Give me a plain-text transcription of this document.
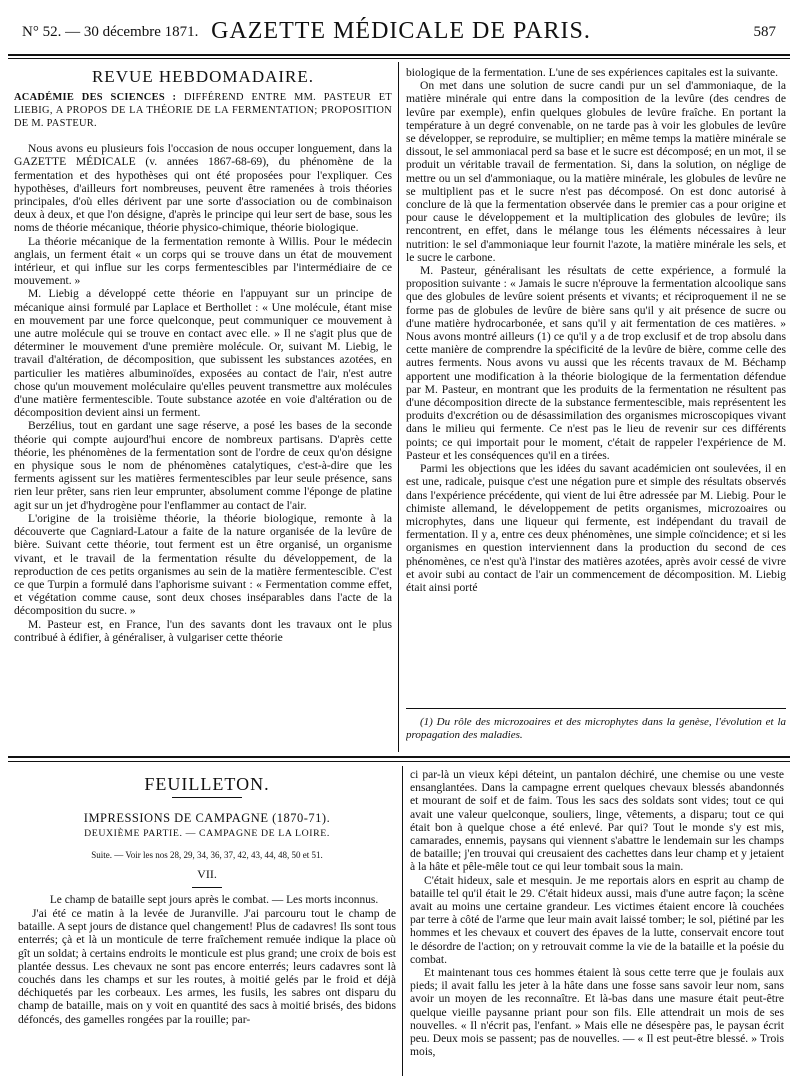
N° 52. — 30 décembre 1871. GAZETTE MÉDICALE DE PARIS.	587
REVUE HEBDOMADAIRE.
ACADÉMIE DES SCIENCES : DIFFÉREND ENTRE MM. PASTEUR ET LIEBIG, A PROPOS DE LA THÉORIE DE LA FERMENTATION; PROPOSITION DE M. PASTEUR.

Nous avons eu plusieurs fois l'occasion de nous occuper longuement, dans la GAZETTE MÉDICALE (v. années 1867-68-69), du phénomène de la fermentation et des hypothèses qui ont été proposées pour l'expliquer. Ces hypothèses, d'ailleurs fort nombreuses, peuvent être ramenées à trois théories principales, d'où elles dérivent par une sorte d'association ou de combinaison deux à deux, et que l'on désigne, d'après le principe qui leur sert de base, sous les noms de théorie mécanique, théorie physico-chimique, théorie biologique.

La théorie mécanique de la fermentation remonte à Willis. Pour le médecin anglais, un ferment était « un corps qui se trouve dans un état de mouvement intérieur, et qui influe sur les corps fermentescibles par l'intermédiaire de ce mouvement. »

M. Liebig a développé cette théorie en l'appuyant sur un principe de mécanique ainsi formulé par Laplace et Berthollet : « Une molécule, étant mise en mouvement par une force quelconque, peut communiquer ce mouvement à une autre molécule qui se trouve en contact avec elle. » Il ne s'agit plus que de déterminer le mouvement d'une première molécule. Or, suivant M. Liebig, le travail d'altération, de décomposition, que subissent les substances azotées, en particulier les matières albuminoïdes, exposées au contact de l'air, n'est autre chose qu'un mouvement moléculaire qu'elles peuvent transmettre aux molécules d'une matière fermentescible. Toute substance azotée en voie d'altération ou de décomposition devient ainsi un ferment.

Berzélius, tout en gardant une sage réserve, a posé les bases de la seconde théorie qui compte aujourd'hui encore de nombreux partisans. D'après cette théorie, les phénomènes de la fermentation sont de l'ordre de ceux qu'on désigne en physique sous le nom de phénomènes catalytiques, c'est-à-dire que les ferments agissent sur les matières fermentescibles par leur seule présence, sans rien leur prêter, sans rien leur emprunter, absolument comme l'éponge de platine agit sur un jet d'hydrogène pour l'enflammer au contact de l'air.

L'origine de la troisième théorie, la théorie biologique, remonte à la découverte que Cagniard-Latour a faite de la nature organisée de la levûre de bière. Suivant cette théorie, tout ferment est un être organisé, un organisme vivant, et le travail de la fermentation résulte du développement, de la reproduction de ces petits organismes au sein de la matière fermentescible. C'est ce que Turpin a formulé dans l'aphorisme suivant : « Fermentation comme effet, et végétation comme cause, sont deux choses inséparables dans l'acte de la décomposition du sucre. »

M. Pasteur est, en France, l'un des savants dont les travaux ont le plus contribué à édifier, à généraliser, à vulgariser cette théorie

biologique de la fermentation. L'une de ses expériences capitales est la suivante.

On met dans une solution de sucre candi pur un sel d'ammoniaque, de la matière minérale qui entre dans la composition de la levûre (des cendres de levûre par exemple), enfin quelques globules de levûre fraîche. En portant la température à un degré convenable, on ne tarde pas à voir les globules de levûre se développer, se reproduire, se multiplier; en même temps la matière minérale se dissout, le sel ammoniacal perd sa base et le sucre est décomposé; en un mot, il se produit un véritable travail de fermentation. Si, dans la solution, on néglige de mettre ou un sel d'ammoniaque, ou la matière minérale, les globules de levûre ne se multiplient pas et le sucre n'est pas décomposé. On est donc autorisé à conclure de là que la fermentation observée dans le premier cas a pour origine et pour cause le développement et la multiplication des globules de levûre; ils rencontrent, en effet, dans le mélange tous les éléments nécessaires à leur nutrition: le sel d'ammoniaque leur fournit l'azote, la matière minérale les sels, et le sucre le carbone.

M. Pasteur, généralisant les résultats de cette expérience, a formulé la proposition suivante : « Jamais le sucre n'éprouve la fermentation alcoolique sans que des globules de levûre soient présents et vivants; et réciproquement il ne se forme pas de globules de levûre de bière sans qu'il y ait présence de sucre ou d'une matière hydrocarbonée, et sans qu'il y ait fermentation de ces matières. » Nous avons montré ailleurs (1) ce qu'il y a de trop exclusif et de trop absolu dans cette manière de comprendre la spécificité de la levûre de bière, comme celle des autres ferments. Nous avons vu aussi que les récents travaux de M. Béchamp apportent une modification à la théorie biologique de la fermentation défendue par M. Pasteur, en montrant que les produits de la fermentation ne résultent pas d'une décomposition directe de la substance fermentescible, mais représentent les produits d'excrétion ou de désassimilation des organismes microscopiques vivant dans le milieu qui fermente. Ce n'est pas le lieu de revenir sur ces différents points; ce qui importait pour le moment, c'était de rappeler l'expérience de M. Pasteur et les conséquences qu'il en a tirées.

Parmi les objections que les idées du savant académicien ont soulevées, il en est une, radicale, puisque c'est une négation pure et simple des résultats observés dans l'expérience précédente, qui vient de lui être adressée par M. Liebig. Pour le chimiste allemand, le développement de petits organismes, microzoaires ou microphytes, dans une liqueur qui fermente, est indépendant du travail de fermentation. Il y a, entre ces deux phénomènes, une simple coïncidence; et si les organismes en question interviennent dans la production du second de ces phénomènes, ce n'est qu'à l'instar des matières azotées, après avoir cessé de vivre et avoir subi au contact de l'air un commencement de décomposition. M. Liebig était ainsi porté

(1) Du rôle des microzoaires et des microphytes dans la genèse, l'évolution et la propagation des maladies.

FEUILLETON.
IMPRESSIONS DE CAMPAGNE (1870-71).
DEUXIÈME PARTIE. — CAMPAGNE DE LA LOIRE.
Suite. — Voir les nos 28, 29, 34, 36, 37, 42, 43, 44, 48, 50 et 51.
VII.

Le champ de bataille sept jours après le combat. — Les morts inconnus.

J'ai été ce matin à la levée de Juranville. J'ai parcouru tout le champ de bataille. A sept jours de distance quel changement! Plus de cadavres! Ils sont tous enterrés; çà et là un monticule de terre fraîchement remuée indique la place où gît un soldat; à certains endroits le monticule est plus grand; une croix de bois est plantée dessus. Les chevaux ne sont pas encore enterrés; leurs cadavres sont là couchés dans les champs et sur les routes, à moitié gelés par le froid et déjà déchiquetés par les corbeaux. Les armes, les fusils, les sabres ont disparu du champ de bataille, mais on y voit en quantité des sacs à moitié brisés, des bidons défoncés, des gamelles rongées par la rouille; par-

ci par-là un vieux képi déteint, un pantalon déchiré, une chemise ou une veste ensanglantées. Dans la campagne errent quelques chevaux blessés abandonnés et mourant de soif et de faim. Tous les sacs des soldats sont vides; tout ce qui avait une valeur quelconque, souliers, linge, vêtements, a disparu; tout ce qui était bon à quelque chose a été enlevé. Par qui? Tout le monde s'y est mis, camarades, ennemis, paysans qui viennent s'abattre le lendemain sur les champs de bataille; j'en trouvai qui creusaient des cachettes dans leur champ et y jetaient à la hâte et pêle-mêle tout ce qui leur tombait sous la main.

C'était hideux, sale et mesquin. Je me reportais alors en esprit au champ de bataille tel qu'il était le 29. C'était hideux aussi, mais d'une autre façon; la scène avait au moins une certaine grandeur. Les victimes étaient encore là couchées par terre à côté de l'arme que leur main avait laissé tomber; le sol, piétiné par les hommes et les chevaux et couvert des épaves de la lutte, conservait encore tout le désordre de l'action; on y retrouvait comme la vie de la bataille et la poésie du combat.

Et maintenant tous ces hommes étaient là sous cette terre que je foulais aux pieds; il avait fallu les jeter à la hâte dans une fosse sans savoir leur nom, sans avoir un moyen de les reconnaître. Et là-bas dans une masure était peut-être quelque vieille paysanne priant pour son fils. Elle attendrait un mois de ses nouvelles. « Il n'écrit pas, l'enfant. » Mais elle ne désespère pas, le paysan écrit peu. Deux mois se passent; pas de nouvelles. — « Il est peut-être blessé. » Trois mois,
